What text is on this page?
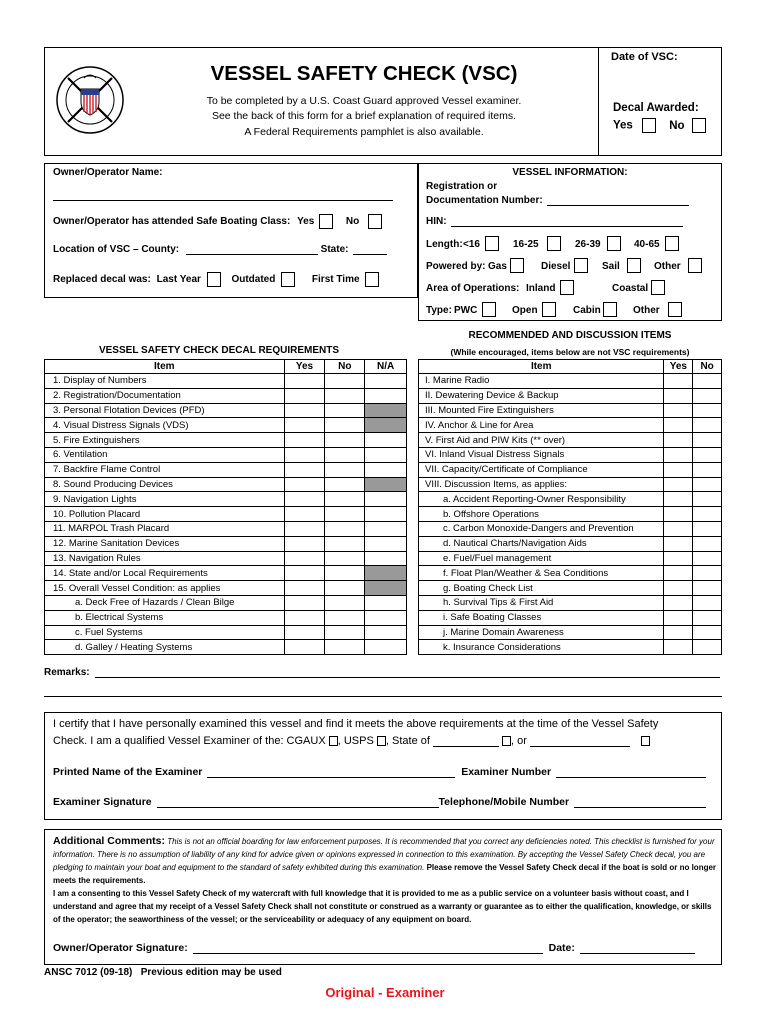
VESSEL SAFETY CHECK (VSC)
To be completed by a U.S. Coast Guard approved Vessel examiner.
See the back of this form for a brief explanation of required items.
A Federal Requirements pamphlet is also available.
Date of VSC:
Decal Awarded:
Yes	No
Owner/Operator Name:
Owner/Operator has attended Safe Boating Class: Yes	No
Location of VSC – County:	State:
Replaced decal was: Last Year	Outdated	First Time
VESSEL INFORMATION:
Registration or
Documentation Number:
HIN:
Length: <16	16-25	26-39	40-65
Powered by: Gas	Diesel	Sail	Other
Area of Operations: Inland	Coastal
Type: PWC	Open	Cabin	Other
VESSEL SAFETY CHECK DECAL REQUIREMENTS
Item	Yes	No	N/A
1. Display of Numbers			
2. Registration/Documentation			
3. Personal Flotation Devices (PFD)			
4. Visual Distress Signals (VDS)			
5. Fire Extinguishers			
6. Ventilation			
7. Backfire Flame Control			
8. Sound Producing Devices			
9. Navigation Lights			
10. Pollution Placard			
11. MARPOL Trash Placard			
12. Marine Sanitation Devices			
13. Navigation Rules			
14. State and/or Local Requirements			
15. Overall Vessel Condition: as applies			
a. Deck Free of Hazards / Clean Bilge			
b. Electrical Systems			
c. Fuel Systems			
d. Galley / Heating Systems			
RECOMMENDED AND DISCUSSION ITEMS
(While encouraged, items below are not VSC requirements)
Item	Yes	No
I. Marine Radio		
II. Dewatering Device & Backup		
III. Mounted Fire Extinguishers		
IV. Anchor & Line for Area		
V. First Aid and PIW Kits (** over)		
VI. Inland Visual Distress Signals		
VII. Capacity/Certificate of Compliance		
VIII. Discussion Items, as applies:		
a. Accident Reporting-Owner Responsibility		
b. Offshore Operations		
c. Carbon Monoxide-Dangers and Prevention		
d. Nautical Charts/Navigation Aids		
e. Fuel/Fuel management		
f. Float Plan/Weather & Sea Conditions		
g. Boating Check List		
h. Survival Tips & First Aid		
i. Safe Boating Classes		
j. Marine Domain Awareness		
k. Insurance Considerations		
Remarks:
I certify that I have personally examined this vessel and find it meets the above requirements at the time of the Vessel Safety
Check. I am a qualified Vessel Examiner of the: CGAUX , USPS , State of	, or
Printed Name of the Examiner	Examiner Number
Examiner Signature	Telephone/Mobile Number
Additional Comments: This is not an official boarding for law enforcement purposes. It is recommended that you correct any deficiencies noted. This checklist is furnished for your information. There is no assumption of liability of any kind for advice given or opinions expressed in connection to this examination. By accepting the Vessel Safety Check decal, you are pledging to maintain your boat and equipment to the standard of safety exhibited during this examination. Please remove the Vessel Safety Check decal if the boat is sold or no longer meets the requirements.
I am a consenting to this Vessel Safety Check of my watercraft with full knowledge that it is provided to me as a public service on a volunteer basis without coast, and I understand and agree that my receipt of a Vessel Safety Check shall not constitute or construed as a warranty or guarantee as to either the qualification, knowledge, or skills of the operator; the seaworthiness of the vessel; or the serviceability or adequacy of any equipment on board.
Owner/Operator Signature:	Date:
ANSC 7012 (09-18)   Previous edition may be used
Original - Examiner
